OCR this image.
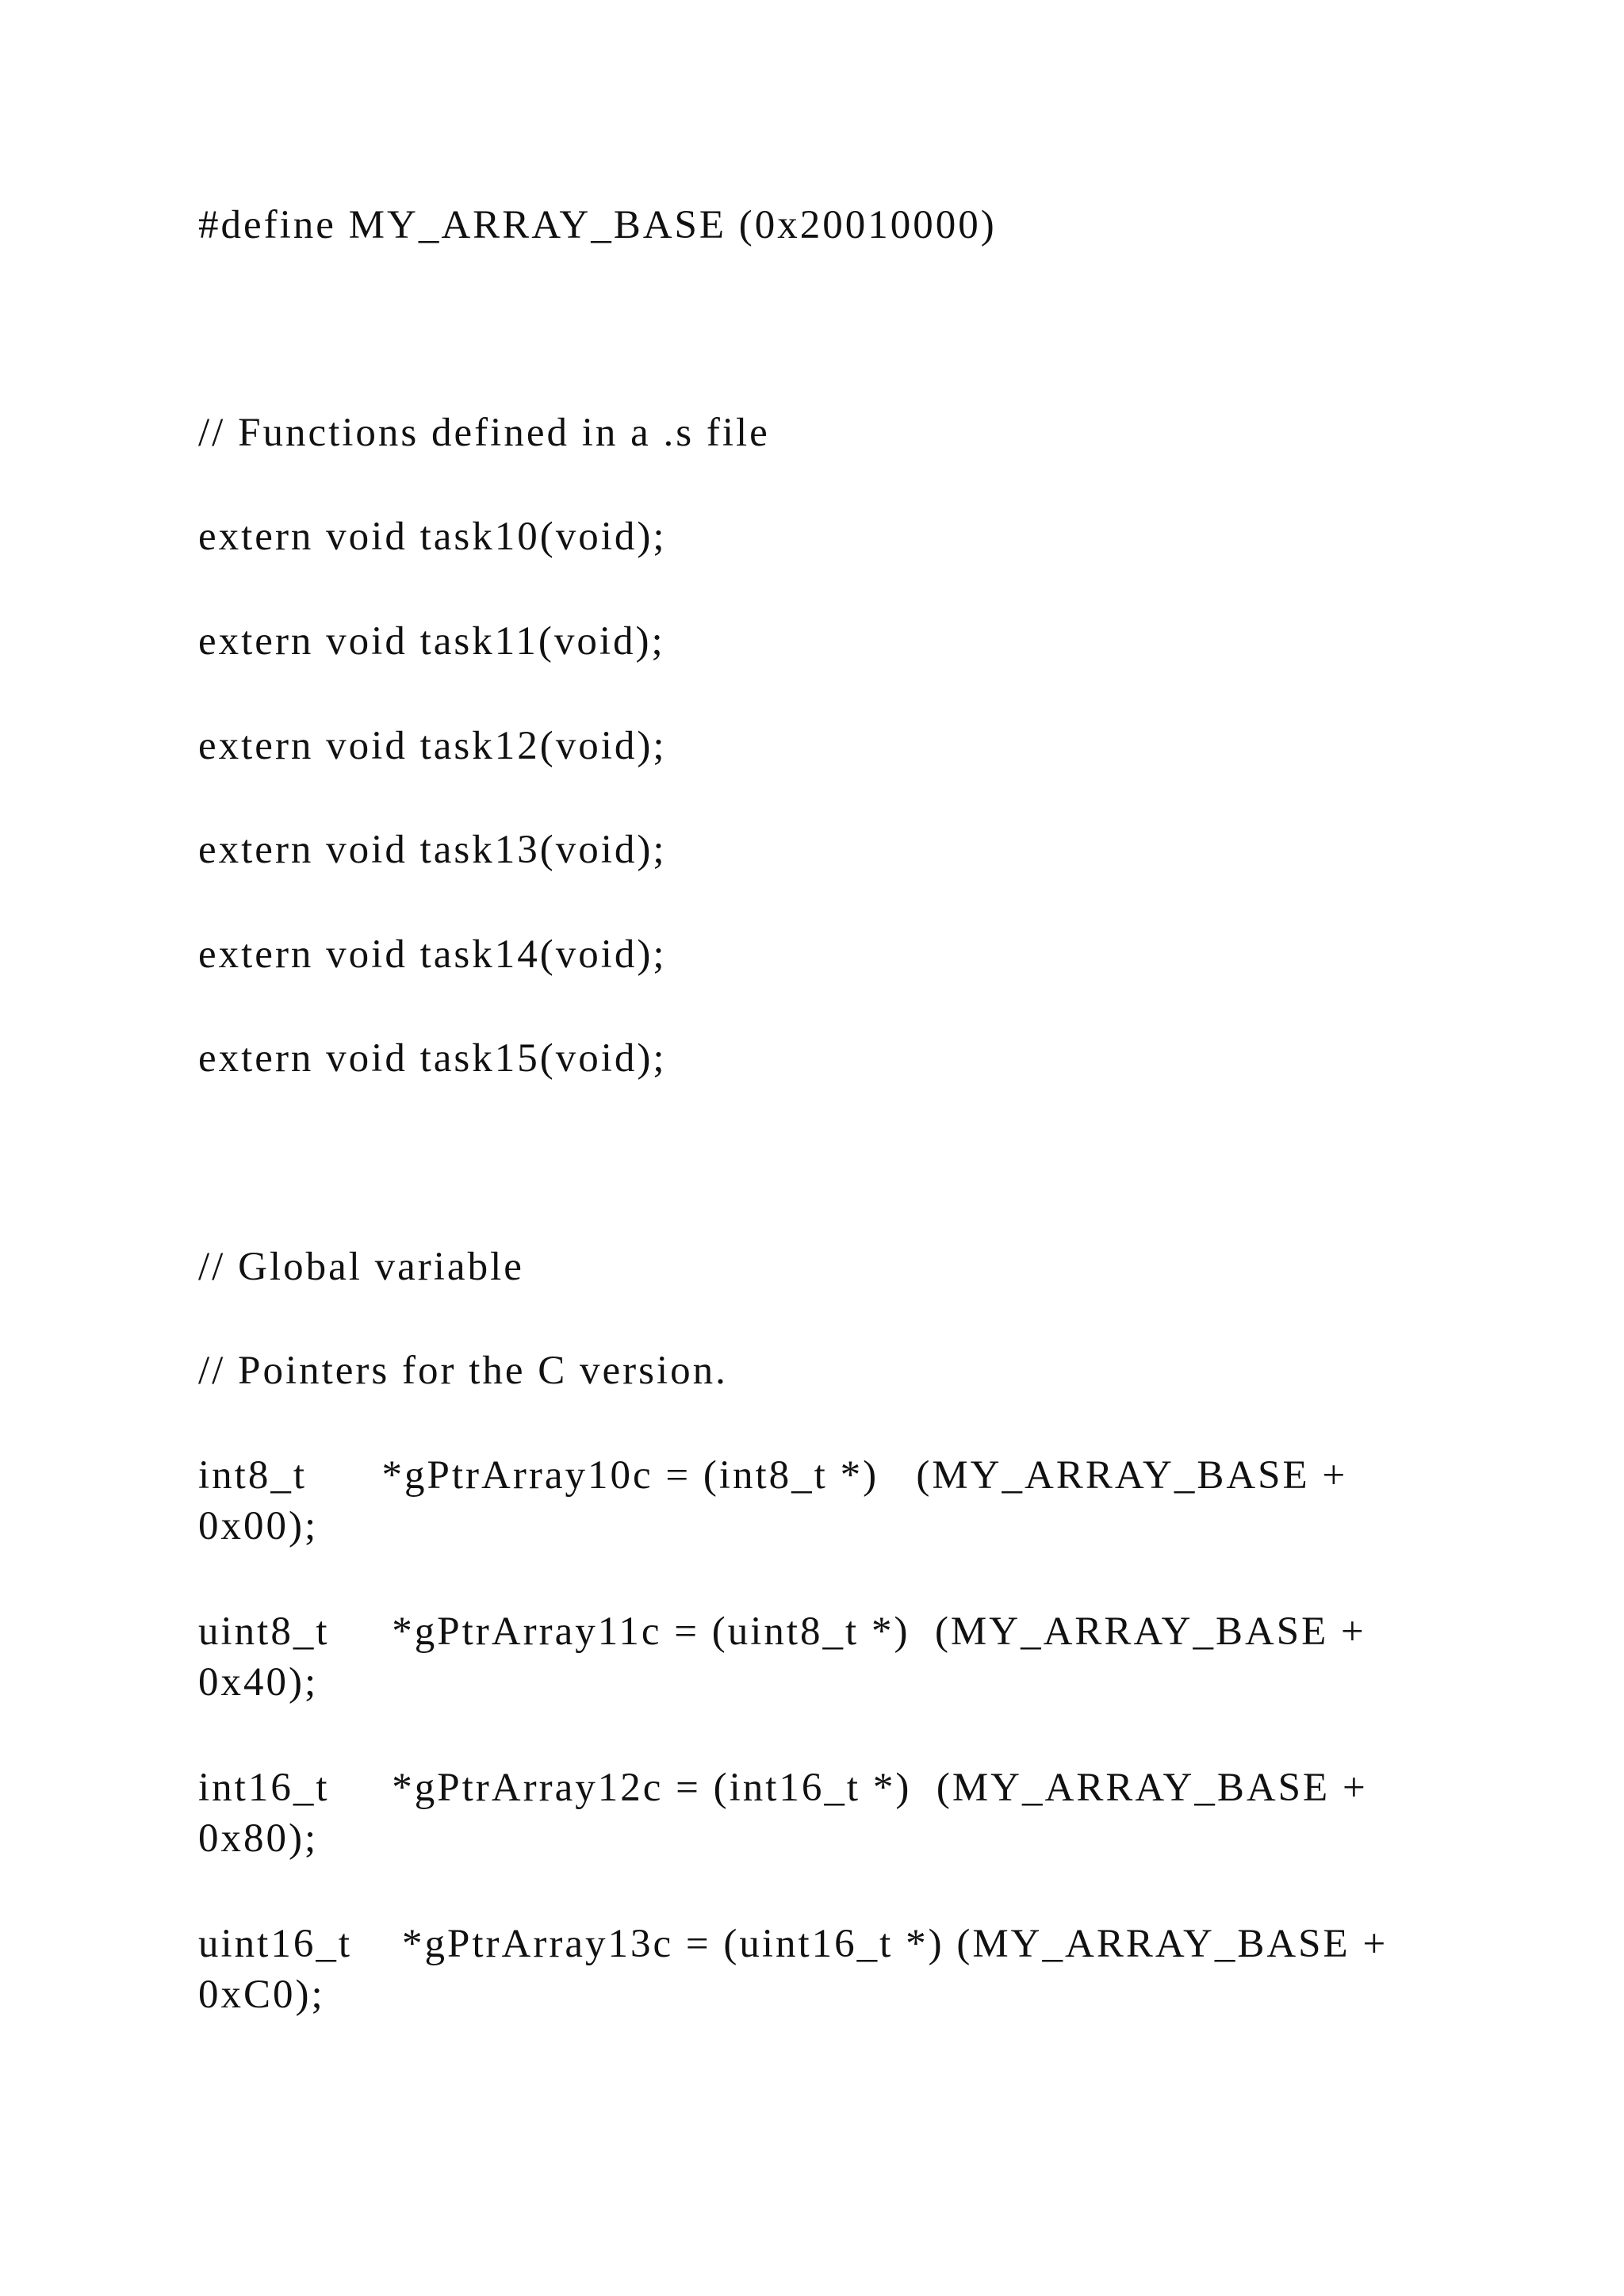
#define MY_ARRAY_BASE (0x20010000)

// Functions defined in a .s file

extern void task10(void);

extern void task11(void);

extern void task12(void);

extern void task13(void);

extern void task14(void);

extern void task15(void);

// Global variable

// Pointers for the C version.

int8_t      *gPtrArray10c = (int8_t *)   (MY_ARRAY_BASE +

0x00);

uint8_t     *gPtrArray11c = (uint8_t *)  (MY_ARRAY_BASE +

0x40);

int16_t     *gPtrArray12c = (int16_t *)  (MY_ARRAY_BASE +

0x80);

uint16_t    *gPtrArray13c = (uint16_t *) (MY_ARRAY_BASE +

0xC0);
